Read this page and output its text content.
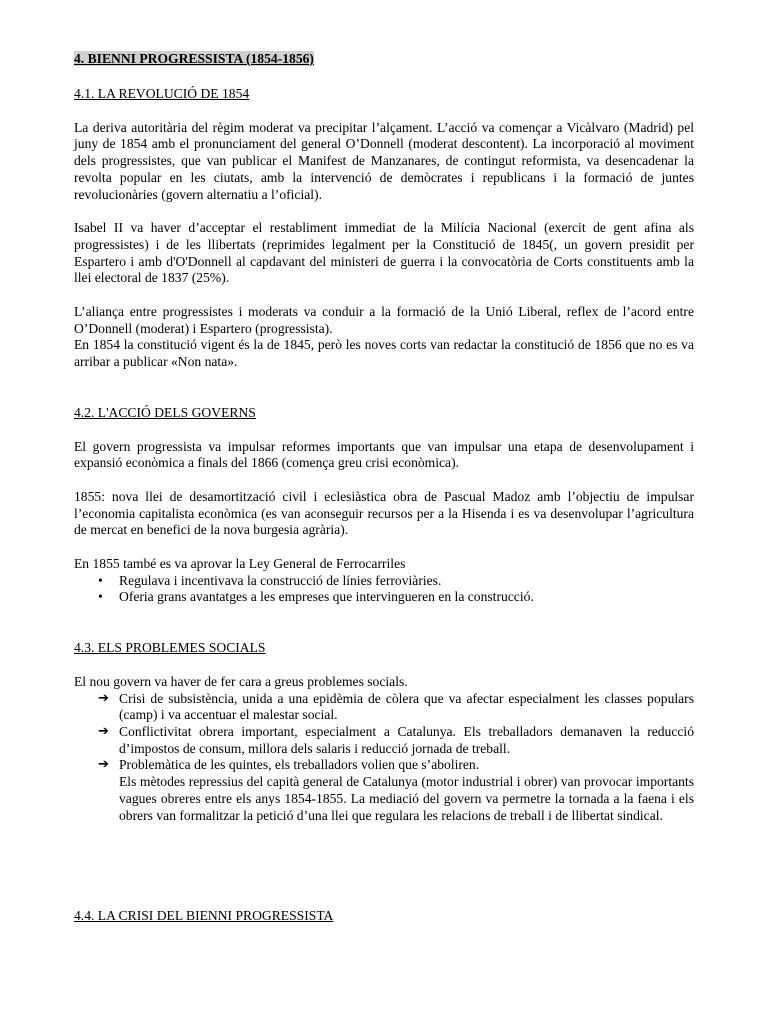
4. BIENNI PROGRESSISTA (1854-1856)
4.1. LA REVOLUCIÓ DE 1854

La deriva autoritària del règim moderat va precipitar l’alçament. L’acció va començar a Vicàlvaro (Madrid) pel juny de 1854 amb el pronunciament del general O’Donnell (moderat descontent). La incorporació al moviment dels progressistes, que van publicar el Manifest de Manzanares, de contingut reformista, va desencadenar la revolta popular en les ciutats, amb la intervenció de demòcrates i republicans i la formació de juntes revolucionàries (govern alternatiu a l’oficial).

Isabel II va haver d’acceptar el restabliment immediat de la Milícia Nacional (exercit de gent afina als progressistes) i de les llibertats (reprimides legalment per la Constitució de 1845(, un govern presidit per Espartero i amb d'O'Donnell al capdavant del ministeri de guerra i la convocatòria de Corts constituents amb la llei electoral de 1837 (25%).

L’aliança entre progressistes i moderats va conduir a la formació de la Unió Liberal, reflex de l’acord entre O’Donnell (moderat) i Espartero (progressista).

En 1854 la constitució vigent és la de 1845, però les noves corts van redactar la constitució de 1856 que no es va arribar a publicar «Non nata».

4.2. L'ACCIÓ DELS GOVERNS

El govern progressista va impulsar reformes importants que van impulsar una etapa de desenvolupament i expansió econòmica a finals del 1866 (comença greu crisi econòmica).

1855: nova llei de desamortització civil i eclesiàstica obra de Pascual Madoz amb l’objectiu de impulsar l’economia capitalista econòmica (es van aconseguir recursos per a la Hisenda i es va desenvolupar l’agricultura de mercat en benefici de la nova burgesia agrària).

En 1855 també es va aprovar la Ley General de Ferrocarriles

• Regulava i incentivava la construcció de línies ferroviàries.
• Oferia grans avantatges a les empreses que intervingueren en la construcció.
4.3. ELS PROBLEMES SOCIALS

El nou govern va haver de fer cara a greus problemes socials.

➔ Crisi de subsistència, unida a una epidèmia de còlera que va afectar especialment les classes populars (camp) i va accentuar el malestar social.
➔ Conflictivitat obrera important, especialment a Catalunya. Els treballadors demanaven la reducció d’impostos de consum, millora dels salaris i reducció jornada de treball.
➔ Problemàtica de les quintes, els treballadors volien que s’aboliren.
Els mètodes repressius del capità general de Catalunya (motor industrial i obrer) van provocar importants vagues obreres entre els anys 1854-1855. La mediació del govern va permetre la tornada a la faena i els obrers van formalitzar la petició d’una llei que regulara les relacions de treball i de llibertat sindical.
4.4. LA CRISI DEL BIENNI PROGRESSISTA
